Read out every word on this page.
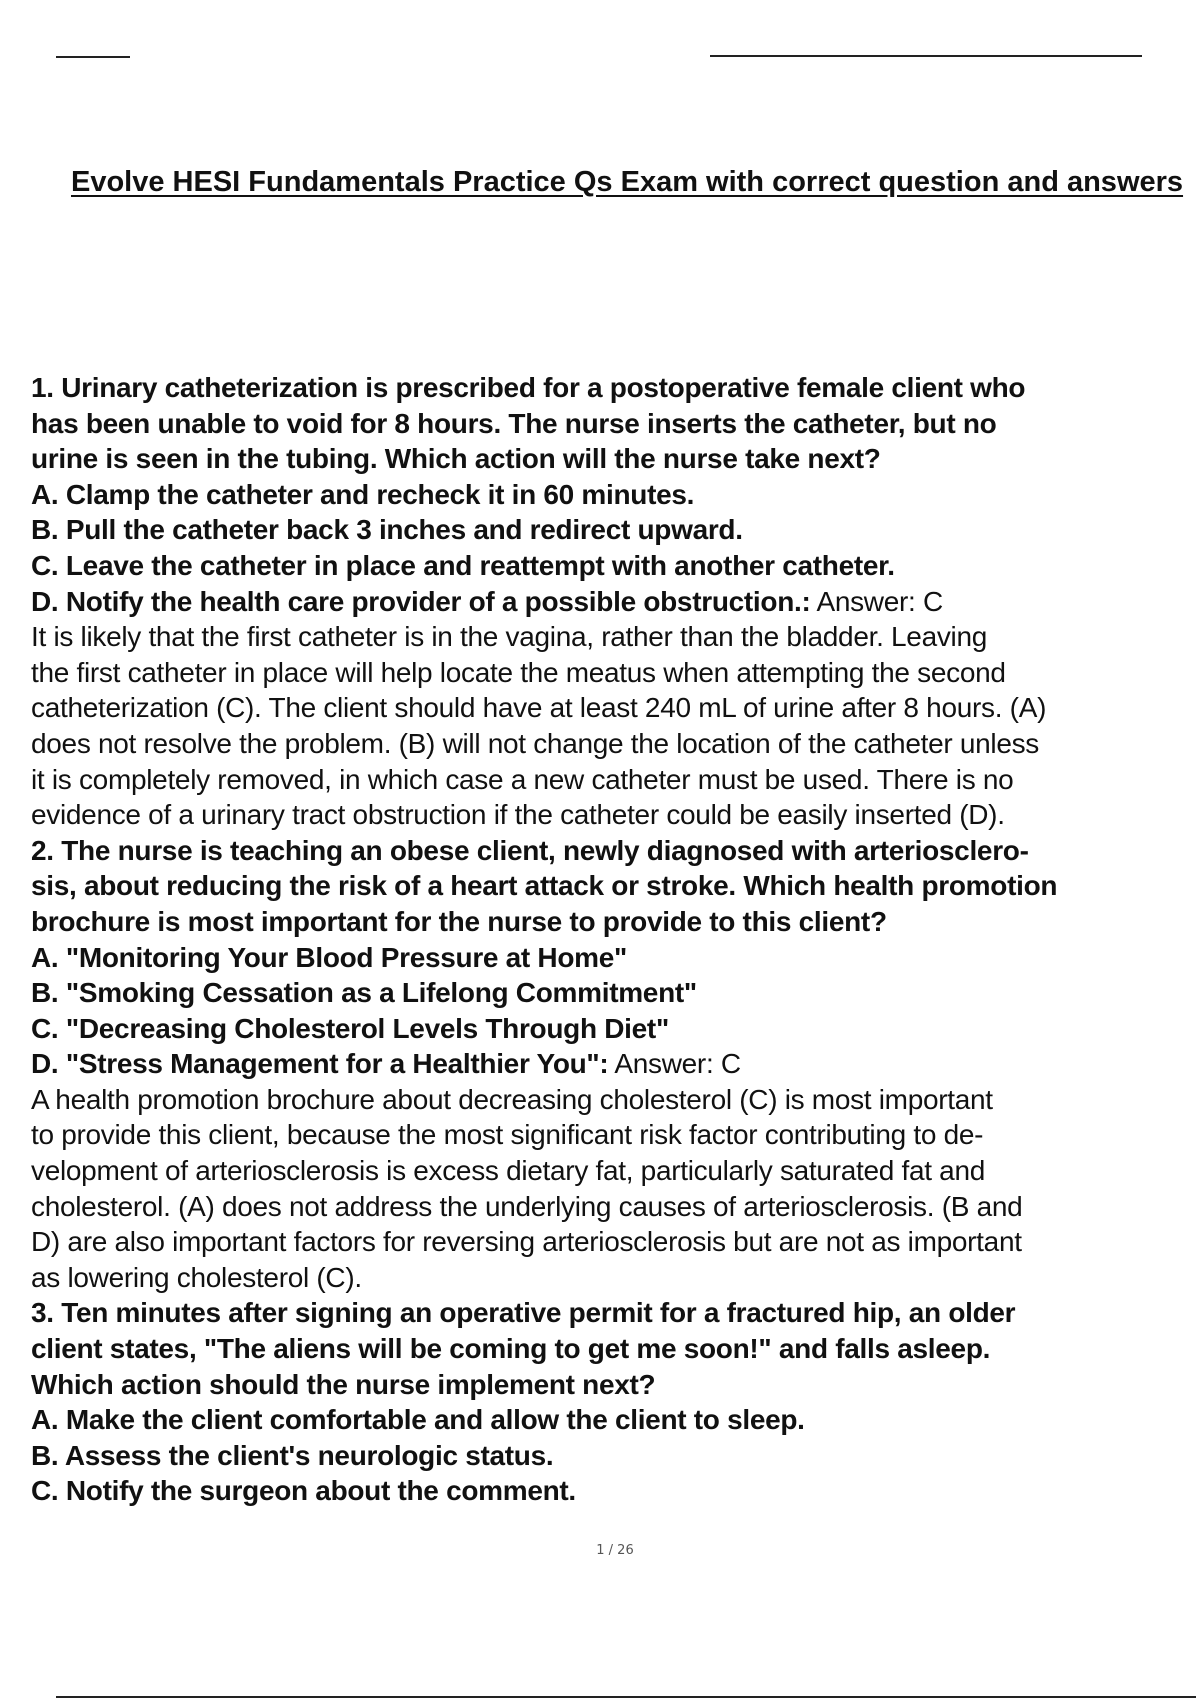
Evolve HESI Fundamentals Practice Qs Exam with correct question and answers
1. Urinary catheterization is prescribed for a postoperative female client who
has been unable to void for 8 hours. The nurse inserts the catheter, but no
urine is seen in the tubing. Which action will the nurse take next?
A. Clamp the catheter and recheck it in 60 minutes.
B. Pull the catheter back 3 inches and redirect upward.
C. Leave the catheter in place and reattempt with another catheter.
D. Notify the health care provider of a possible obstruction.: Answer: C
It is likely that the first catheter is in the vagina, rather than the bladder. Leaving
the first catheter in place will help locate the meatus when attempting the second
catheterization (C). The client should have at least 240 mL of urine after 8 hours. (A)
does not resolve the problem. (B) will not change the location of the catheter unless
it is completely removed, in which case a new catheter must be used. There is no
evidence of a urinary tract obstruction if the catheter could be easily inserted (D).
2. The nurse is teaching an obese client, newly diagnosed with arteriosclero-
sis, about reducing the risk of a heart attack or stroke. Which health promotion
brochure is most important for the nurse to provide to this client?
A. "Monitoring Your Blood Pressure at Home"
B. "Smoking Cessation as a Lifelong Commitment"
C. "Decreasing Cholesterol Levels Through Diet"
D. "Stress Management for a Healthier You": Answer: C
A health promotion brochure about decreasing cholesterol (C) is most important
to provide this client, because the most significant risk factor contributing to de-
velopment of arteriosclerosis is excess dietary fat, particularly saturated fat and
cholesterol. (A) does not address the underlying causes of arteriosclerosis. (B and
D) are also important factors for reversing arteriosclerosis but are not as important
as lowering cholesterol (C).
3. Ten minutes after signing an operative permit for a fractured hip, an older
client states, "The aliens will be coming to get me soon!" and falls asleep.
Which action should the nurse implement next?
A. Make the client comfortable and allow the client to sleep.
B. Assess the client's neurologic status.
C. Notify the surgeon about the comment.
1 / 26
